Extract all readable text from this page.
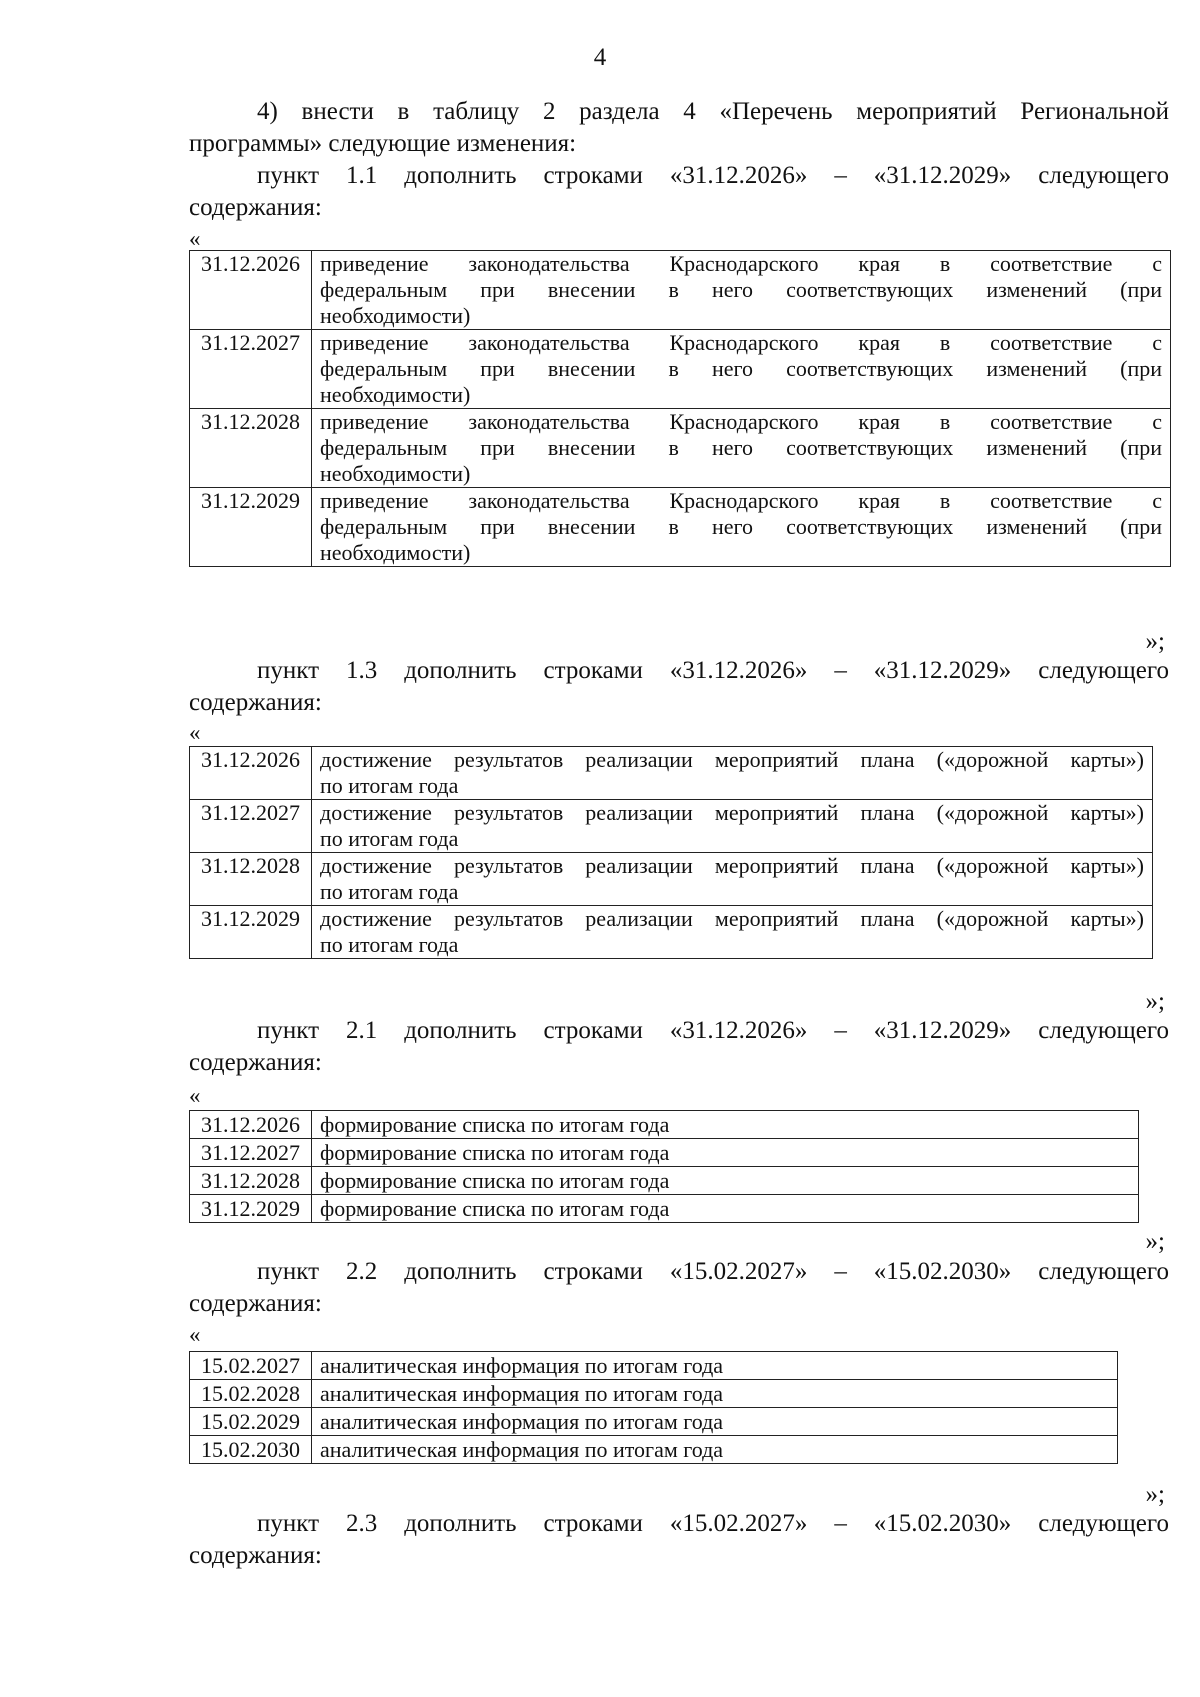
4
4) внести в таблицу 2 раздела 4 «Перечень мероприятий Региональной
программы» следующие изменения:
пункт 1.1 дополнить строками «31.12.2026» – «31.12.2029» следующего
содержания:
«
31.12.2026	приведение законодательства Краснодарского края в соответствие с
федеральным при внесении в него соответствующих изменений (при
необходимости)
31.12.2027	приведение законодательства Краснодарского края в соответствие с
федеральным при внесении в него соответствующих изменений (при
необходимости)
31.12.2028	приведение законодательства Краснодарского края в соответствие с
федеральным при внесении в него соответствующих изменений (при
необходимости)
31.12.2029	приведение законодательства Краснодарского края в соответствие с
федеральным при внесении в него соответствующих изменений (при
необходимости)
»;
пункт 1.3 дополнить строками «31.12.2026» – «31.12.2029» следующего
содержания:
«
31.12.2026	достижение результатов реализации мероприятий плана («дорожной карты»)
по итогам года
31.12.2027	достижение результатов реализации мероприятий плана («дорожной карты»)
по итогам года
31.12.2028	достижение результатов реализации мероприятий плана («дорожной карты»)
по итогам года
31.12.2029	достижение результатов реализации мероприятий плана («дорожной карты»)
по итогам года
»;
пункт 2.1 дополнить строками «31.12.2026» – «31.12.2029» следующего
содержания:
«
31.12.2026	формирование списка по итогам года
31.12.2027	формирование списка по итогам года
31.12.2028	формирование списка по итогам года
31.12.2029	формирование списка по итогам года
»;
пункт 2.2 дополнить строками «15.02.2027» – «15.02.2030» следующего
содержания:
«
15.02.2027	аналитическая информация по итогам года
15.02.2028	аналитическая информация по итогам года
15.02.2029	аналитическая информация по итогам года
15.02.2030	аналитическая информация по итогам года
»;
пункт 2.3 дополнить строками «15.02.2027» – «15.02.2030» следующего
содержания:
